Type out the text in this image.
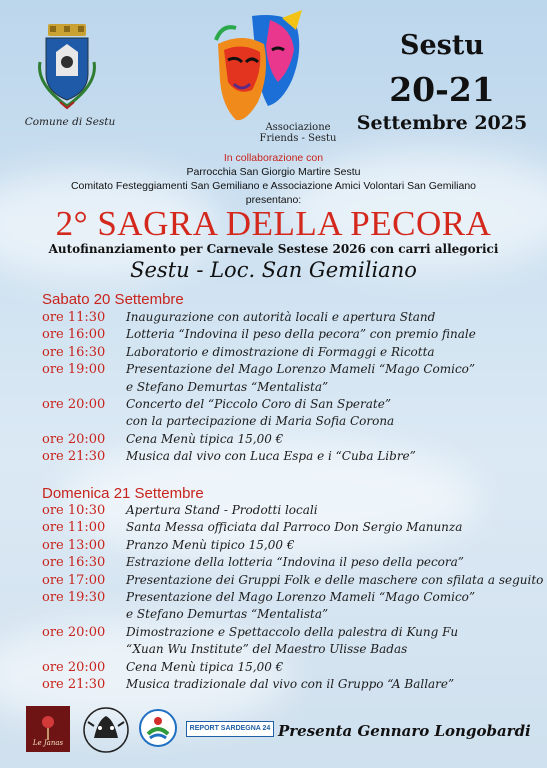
Comune di Sestu	Associazione
Friends - Sestu
Sestu
20-21
Settembre 2025
In collaborazione con
Parrocchia San Giorgio Martire Sestu
Comitato Festeggiamenti San Gemiliano e Associazione Amici Volontari San Gemiliano
presentano:
2° SAGRA DELLA PECORA
Autofinanziamento per Carnevale Sestese 2026 con carri allegorici
Sestu - Loc. San Gemiliano
Sabato 20 Settembre
ore 11:30 Inaugurazione con autorità locali e apertura Stand
ore 16:00 Lotteria “Indovina il peso della pecora” con premio finale
ore 16:30 Laboratorio e dimostrazione di Formaggi e Ricotta
ore 19:00 Presentazione del Mago Lorenzo Mameli “Mago Comico”
e Stefano Demurtas “Mentalista”
ore 20:00 Concerto del “Piccolo Coro di San Sperate”
con la partecipazione di Maria Sofia Corona
ore 20:00 Cena Menù tipica 15,00 €
ore 21:30 Musica dal vivo con Luca Espa e i “Cuba Libre”
Domenica 21 Settembre
ore 10:30 Apertura Stand - Prodotti locali
ore 11:00 Santa Messa officiata dal Parroco Don Sergio Manunza
ore 13:00 Pranzo Menù tipico 15,00 €
ore 16:30 Estrazione della lotteria “Indovina il peso della pecora”
ore 17:00 Presentazione dei Gruppi Folk e delle maschere con sfilata a seguito
ore 19:30 Presentazione del Mago Lorenzo Mameli “Mago Comico”
e Stefano Demurtas “Mentalista”
ore 20:00 Dimostrazione e Spettaccolo della palestra di Kung Fu
“Xuan Wu Institute” del Maestro Ulisse Badas
ore 20:00 Cena Menù tipica 15,00 €
ore 21:30 Musica tradizionale dal vivo con il Gruppo “A Ballare”
Le Janas
REPORT SARDEGNA 24 Presenta Gennaro Longobardi
